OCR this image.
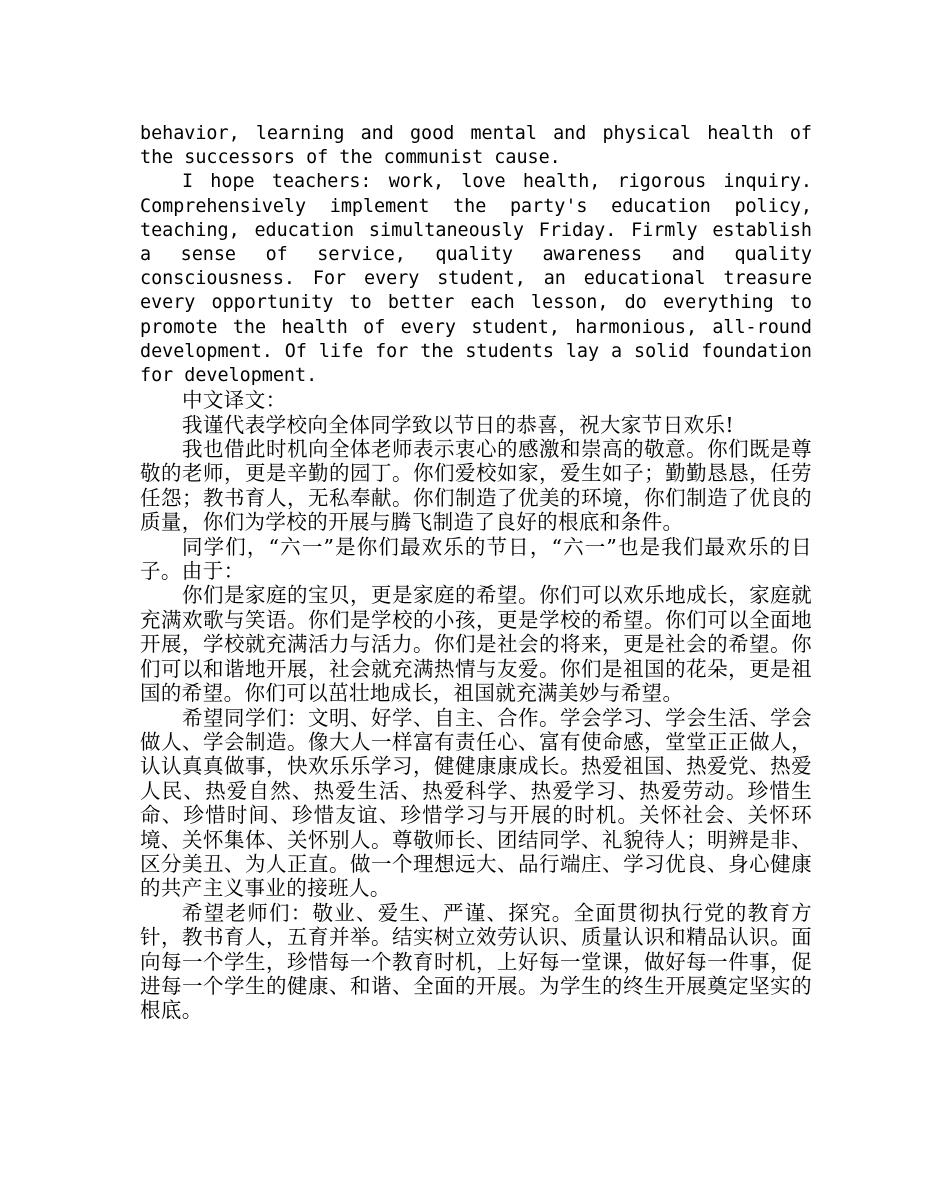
behavior, learning and good mental and physical health of the successors of the communist cause.

I hope teachers: work, love health, rigorous inquiry. Comprehensively implement the party's education policy, teaching, education simultaneously Friday. Firmly establish a sense of service, quality awareness and quality consciousness. For every student, an educational treasure every opportunity to better each lesson, do everything to promote the health of every student, harmonious, all-round development. Of life for the students lay a solid foundation for development.

中文译文：

我谨代表学校向全体同学致以节日的恭喜，祝大家节日欢乐!

我也借此时机向全体老师表示衷心的感激和崇高的敬意。你们既是尊敬的老师，更是辛勤的园丁。你们爱校如家，爱生如子；勤勤恳恳，任劳任怨；教书育人，无私奉献。你们制造了优美的环境，你们制造了优良的质量，你们为学校的开展与腾飞制造了良好的根底和条件。

同学们，“六一”是你们最欢乐的节日，“六一”也是我们最欢乐的日子。由于：

你们是家庭的宝贝，更是家庭的希望。你们可以欢乐地成长，家庭就充满欢歌与笑语。你们是学校的小孩，更是学校的希望。你们可以全面地开展，学校就充满活力与活力。你们是社会的将来，更是社会的希望。你们可以和谐地开展，社会就充满热情与友爱。你们是祖国的花朵，更是祖国的希望。你们可以茁壮地成长，祖国就充满美妙与希望。

希望同学们：文明、好学、自主、合作。学会学习、学会生活、学会做人、学会制造。像大人一样富有责任心、富有使命感，堂堂正正做人，认认真真做事，快欢乐乐学习，健健康康成长。热爱祖国、热爱党、热爱人民、热爱自然、热爱生活、热爱科学、热爱学习、热爱劳动。珍惜生命、珍惜时间、珍惜友谊、珍惜学习与开展的时机。关怀社会、关怀环境、关怀集体、关怀别人。尊敬师长、团结同学、礼貌待人；明辨是非、区分美丑、为人正直。做一个理想远大、品行端庄、学习优良、身心健康的共产主义事业的接班人。

希望老师们：敬业、爱生、严谨、探究。全面贯彻执行党的教育方针，教书育人，五育并举。结实树立效劳认识、质量认识和精品认识。面向每一个学生，珍惜每一个教育时机，上好每一堂课，做好每一件事，促进每一个学生的健康、和谐、全面的开展。为学生的终生开展奠定坚实的根底。
